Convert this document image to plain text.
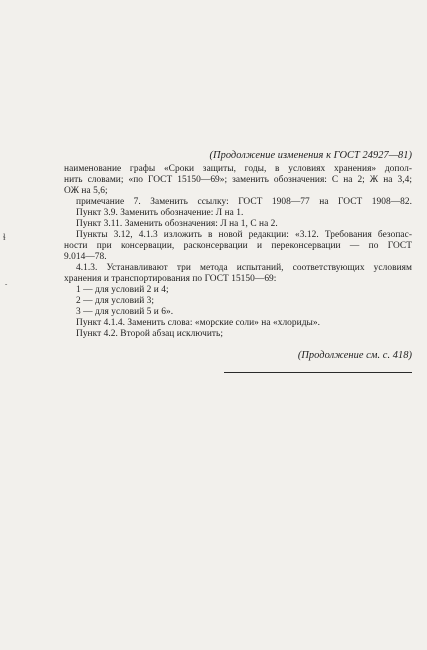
(Продолжение изменения к ГОСТ 24927—81)
наименование графы «Сроки защиты, годы, в условиях хранения» допол-
нить словами; «по ГОСТ 15150—69»; заменить обозначения: С на 2; Ж на 3,4;
ОЖ на 5,6;
примечание 7. Заменить ссылку: ГОСТ 1908—77 на ГОСТ 1908—82.
Пункт 3.9. Заменить обозначение: Л на 1.
Пункт 3.11. Заменить обозначения: Л на 1, С на 2.
Пункты 3.12, 4.1.3 изложить в новой редакции: «3.12. Требования безопас-
ности при консервации, расконсервации и переконсервации — по ГОСТ
9.014—78.
4.1.3. Устанавливают три метода испытаний, соответствующих условиям
хранения и транспортирования по ГОСТ 15150—69:
1 — для условий 2 и 4;
2 — для условий 3;
3 — для условий 5 и 6».
Пункт 4.1.4. Заменить слова: «морские соли» на «хлориды».
Пункт 4.2. Второй абзац исключить;
(Продолжение см. с. 418)
ɬ
˘
